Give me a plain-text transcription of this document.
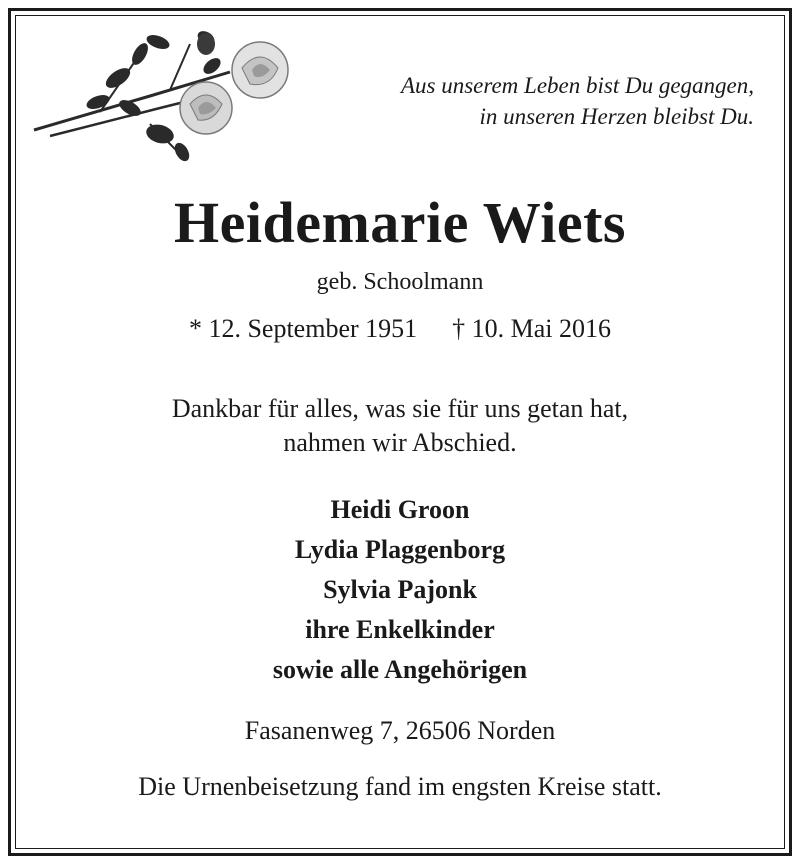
Aus unserem Leben bist Du gegangen,
in unseren Herzen bleibst Du.
Heidemarie Wiets
geb. Schoolmann
* 12. September 1951 † 10. Mai 2016
Dankbar für alles, was sie für uns getan hat,
nahmen wir Abschied.
Heidi Groon
Lydia Plaggenborg
Sylvia Pajonk
ihre Enkelkinder
sowie alle Angehörigen
Fasanenweg 7, 26506 Norden
Die Urnenbeisetzung fand im engsten Kreise statt.
